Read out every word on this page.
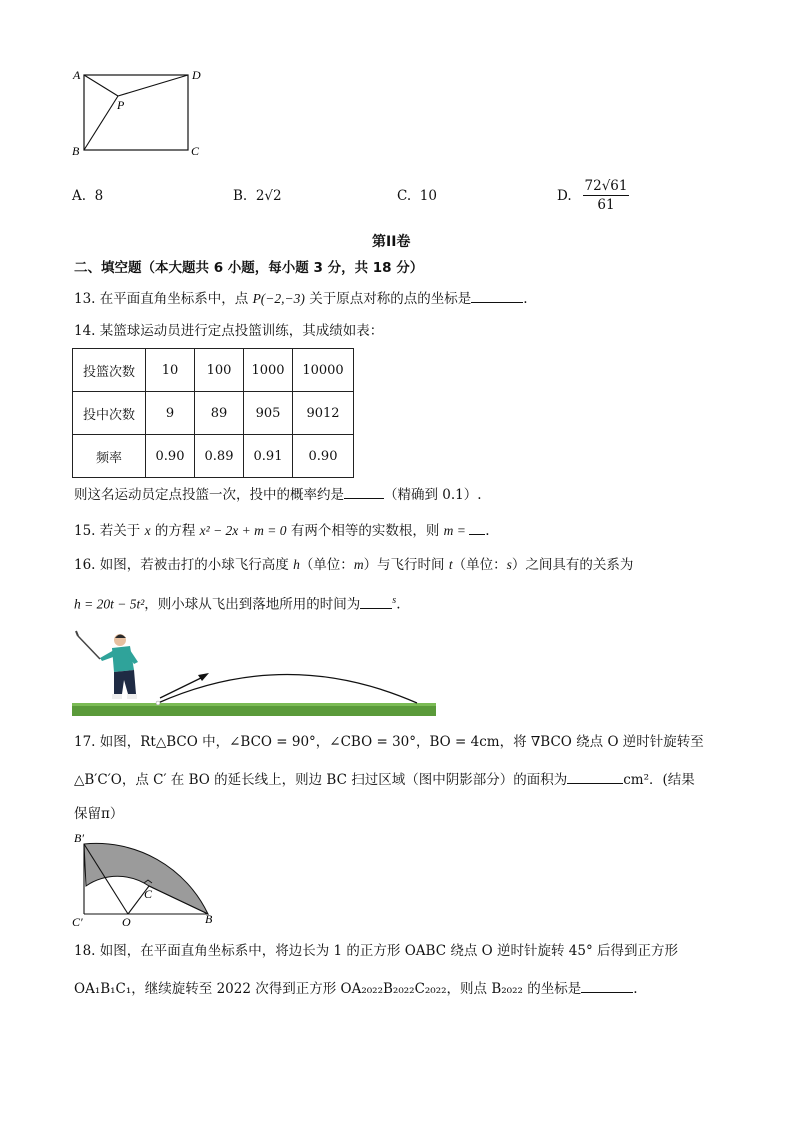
A	D
P
B	C
A. 8	B. 2√2	C. 10	D.
72√61
61
第II卷
二、填空题（本大题共 6 小题，每小题 3 分，共 18 分）
13. 在平面直角坐标系中，点 P(−2,−3) 关于原点对称的点的坐标是	.
14. 某篮球运动员进行定点投篮训练，其成绩如表：
投篮次数	10	100	1000	10000
投中次数	9	89	905	9012
频率	0.90	0.89	0.91	0.90
则这名运动员定点投篮一次，投中的概率约是	（精确到 0.1）.
15. 若关于 x 的方程 x² − 2x + m = 0 有两个相等的实数根，则 m = .
16. 如图，若被击打的小球飞行高度 h（单位：m）与飞行时间 t（单位：s）之间具有的关系为
h = 20t − 5t²，则小球从飞出到落地所用的时间为	$^s$.
17. 如图，Rt△BCO 中，∠BCO = 90°，∠CBO = 30°，BO = 4cm，将 ∇BCO 绕点 O 逆时针旋转至
△B′C′O，点 C′ 在 BO 的延长线上，则边 BC 扫过区域（图中阴影部分）的面积为	cm²．(结果
保留π）
B′
C
C′	O	B
18. 如图，在平面直角坐标系中，将边长为 1 的正方形 OABC 绕点 O 逆时针旋转 45° 后得到正方形
OA₁B₁C₁，继续旋转至 2022 次得到正方形 OA₂₀₂₂B₂₀₂₂C₂₀₂₂，则点 B₂₀₂₂ 的坐标是	.
